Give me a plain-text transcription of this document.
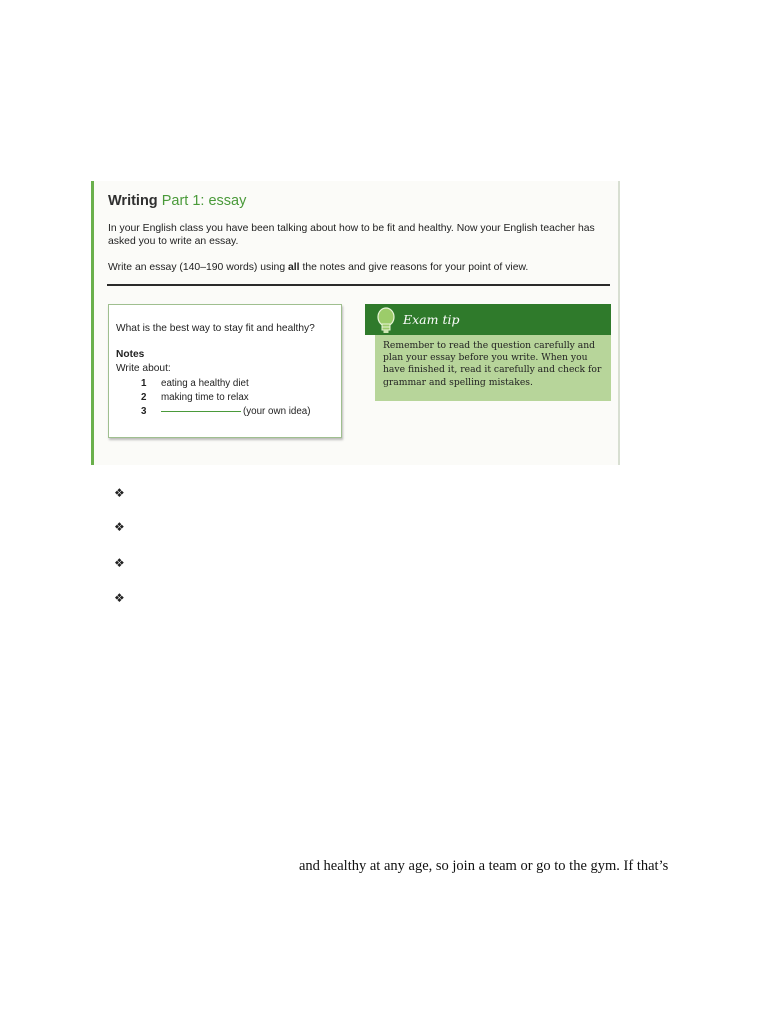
Writing Part 1: essay
In your English class you have been talking about how to be fit and healthy. Now your English teacher has asked you to write an essay.
Write an essay (140–190 words) using all the notes and give reasons for your point of view.
What is the best way to stay fit and healthy?
Notes
Write about:
1 eating a healthy diet
2 making time to relax
3	(your own idea)
Exam tip
Remember to read the question carefully and plan your essay before you write. When you have finished it, read it carefully and check for grammar and spelling mistakes.
❖
❖
❖
❖
and healthy at any age, so join a team or go to the gym. If that’s
